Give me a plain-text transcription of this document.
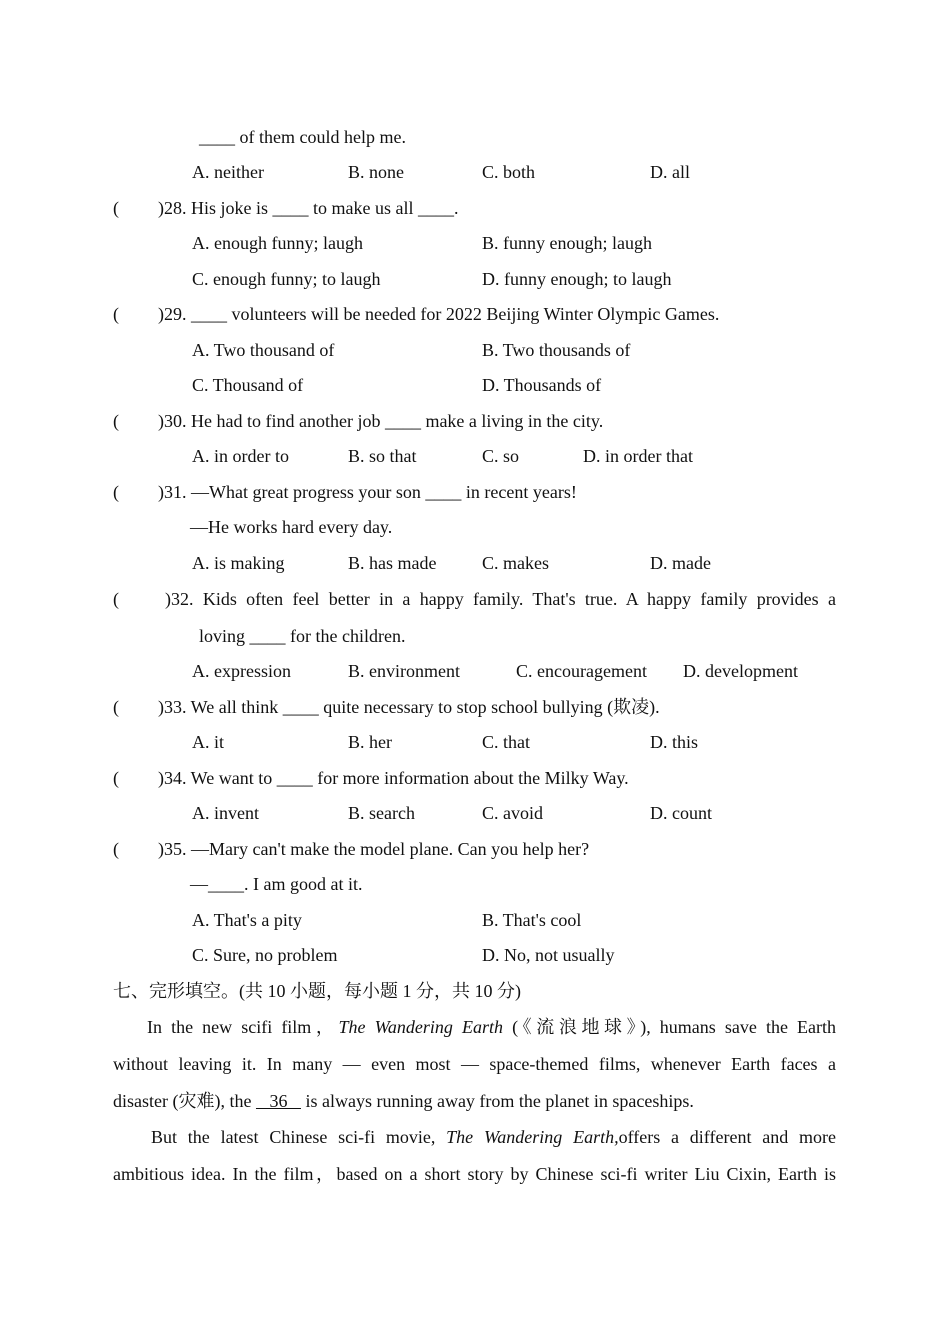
____ of them could help me.
A. neither	B. none	C. both	D. all
( )28. His joke is ____ to make us all ____.
A. enough funny; laugh	B. funny enough; laugh
C. enough funny; to laugh	D. funny enough; to laugh
( )29. ____ volunteers will be needed for 2022 Beijing Winter Olympic Games.
A. Two thousand of	B. Two thousands of
C. Thousand of	D. Thousands of
( )30. He had to find another job ____ make a living in the city.
A. in order to	B. so that	C. so	D. in order that
( )31. —What great progress your son ____ in recent years!
—He works hard every day.
A. is making	B. has made	C. makes	D. made
(	)32. Kids often feel better in a happy family. That's true. A happy family provides a
loving ____ for the children.
A. expression	B. environment	C. encouragement D. development
( )33. We all think ____ quite necessary to stop school bullying (欺凌).
A. it	B. her	C. that	D. this
( )34. We want to ____ for more information about the Milky Way.
A. invent	B. search	C. avoid	D. count
( )35. —Mary can't make the model plane. Can you help her?
—____. I am good at it.
A. That's a pity	B. That's cool
C. Sure, no problem	D. No, not usually
七、完形填空。(共 10 小题，每小题 1 分，共 10 分)
In the new scifi film，The Wandering Earth (《流浪地球》), humans save the Earth
without leaving it. In many — even most — space-themed films, whenever Earth faces a
disaster (灾难), the    36    is always running away from the planet in spaceships.
But the latest Chinese sci-fi movie, The Wandering Earth,offers a different and more
ambitious idea. In the film，based on a short story by Chinese sci-fi writer Liu Cixin, Earth is
